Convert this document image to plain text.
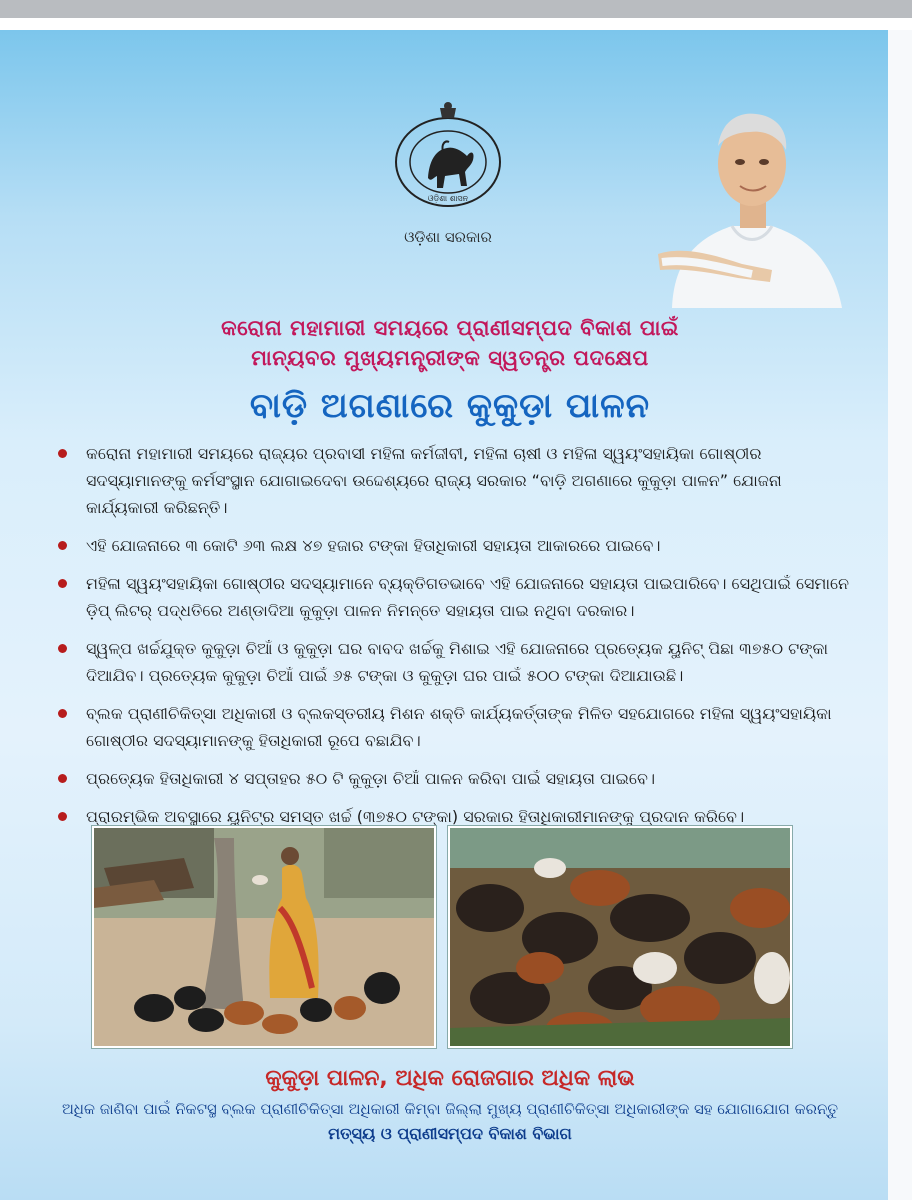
ଓଡ଼ିଶା ଶାସନ
ଓଡ଼ିଶା ସରକାର
କରୋନା ମହାମାରୀ ସମୟରେ ପ୍ରାଣୀସମ୍ପଦ ବିକାଶ ପାଇଁ
ମାନ୍ୟବର ମୁଖ୍ୟମନ୍ତ୍ରୀଙ୍କ ସ୍ୱତନ୍ତ୍ର ପଦକ୍ଷେପ
ବାଡ଼ି ଅଗଣାରେ କୁକୁଡ଼ା ପାଳନ
କରୋନା ମହାମାରୀ ସମୟରେ ରାଜ୍ୟର ପ୍ରବାସୀ ମହିଳା କର୍ମଜୀବୀ, ମହିଳା ଚାଷୀ ଓ ମହିଳା ସ୍ୱୟଂସହାୟିକା ଗୋଷ୍ଠୀର ସଦସ୍ୟାମାନଙ୍କୁ କର୍ମସଂସ୍ଥାନ ଯୋଗାଇଦେବା ଉଦ୍ଦେଶ୍ୟରେ ରାଜ୍ୟ ସରକାର “ବାଡ଼ି ଅଗଣାରେ କୁକୁଡ଼ା ପାଳନ” ଯୋଜନା କାର୍ଯ୍ୟକାରୀ କରିଛନ୍ତି।
ଏହି ଯୋଜନାରେ ୩ କୋଟି ୬୩ ଲକ୍ଷ ୪୭ ହଜାର ଟଙ୍କା ହିତାଧିକାରୀ ସହାୟତା ଆକାରରେ ପାଇବେ।
ମହିଳା ସ୍ୱୟଂସହାୟିକା ଗୋଷ୍ଠୀର ସଦସ୍ୟାମାନେ ବ୍ୟକ୍ତିଗତଭାବେ ଏହି ଯୋଜନାରେ ସହାୟତା ପାଇପାରିବେ। ସେଥିପାଇଁ ସେମାନେ ଡ଼ିପ୍ ଲିଟର୍ ପଦ୍ଧତିରେ ଅଣ୍ଡାଦିଆ କୁକୁଡ଼ା ପାଳନ ନିମନ୍ତେ ସହାୟତା ପାଇ ନଥିବା ଦରକାର।
ସ୍ୱଳ୍ପ ଖର୍ଚ୍ଚଯୁକ୍ତ କୁକୁଡ଼ା ଚିଆଁ ଓ କୁକୁଡ଼ା ଘର ବାବଦ ଖର୍ଚ୍ଚକୁ ମିଶାଇ ଏହି ଯୋଜନାରେ ପ୍ରତ୍ୟେକ ୟୁନିଟ୍ ପିଛା ୩୭୫୦ ଟଙ୍କା ଦିଆଯିବ। ପ୍ରତ୍ୟେକ କୁକୁଡ଼ା ଚିଆଁ ପାଇଁ ୬୫ ଟଙ୍କା ଓ କୁକୁଡ଼ା ଘର ପାଇଁ ୫୦୦ ଟଙ୍କା ଦିଆଯାଉଛି।
ବ୍ଲକ ପ୍ରାଣୀଚିକିତ୍ସା ଅଧିକାରୀ ଓ ବ୍ଲକସ୍ତରୀୟ ମିଶନ ଶକ୍ତି କାର୍ଯ୍ୟକର୍ତ୍ତାଙ୍କ ମିଳିତ ସହଯୋଗରେ ମହିଳା ସ୍ୱୟଂସହାୟିକା ଗୋଷ୍ଠୀର ସଦସ୍ୟାମାନଙ୍କୁ ହିତାଧିକାରୀ ରୂପେ ବଛାଯିବ।
ପ୍ରତ୍ୟେକ ହିତାଧିକାରୀ ୪ ସପ୍ତାହର ୫୦ ଟି କୁକୁଡ଼ା ଚିଆଁ ପାଳନ କରିବା ପାଇଁ ସହାୟତା ପାଇବେ।
ପ୍ରାରମ୍ଭିକ ଅବସ୍ଥାରେ ୟୁନିଟ୍‌ର ସମସ୍ତ ଖର୍ଚ୍ଚ (୩୭୫୦ ଟଙ୍କା) ସରକାର ହିତାଧିକାରୀମାନଙ୍କୁ ପ୍ରଦାନ କରିବେ।
କୁକୁଡ଼ା ପାଳନ, ଅଧିକ ରୋଜଗାର ଅଧିକ ଲାଭ
ଅଧିକ ଜାଣିବା ପାଇଁ ନିକଟସ୍ଥ ବ୍ଲକ ପ୍ରାଣୀଚିକିତ୍ସା ଅଧିକାରୀ କିମ୍ବା ଜିଲ୍ଲା ମୁଖ୍ୟ ପ୍ରାଣୀଚିକିତ୍ସା ଅଧିକାରୀଙ୍କ ସହ ଯୋଗାଯୋଗ କରନ୍ତୁ
ମତ୍ସ୍ୟ ଓ ପ୍ରାଣୀସମ୍ପଦ ବିକାଶ ବିଭାଗ
